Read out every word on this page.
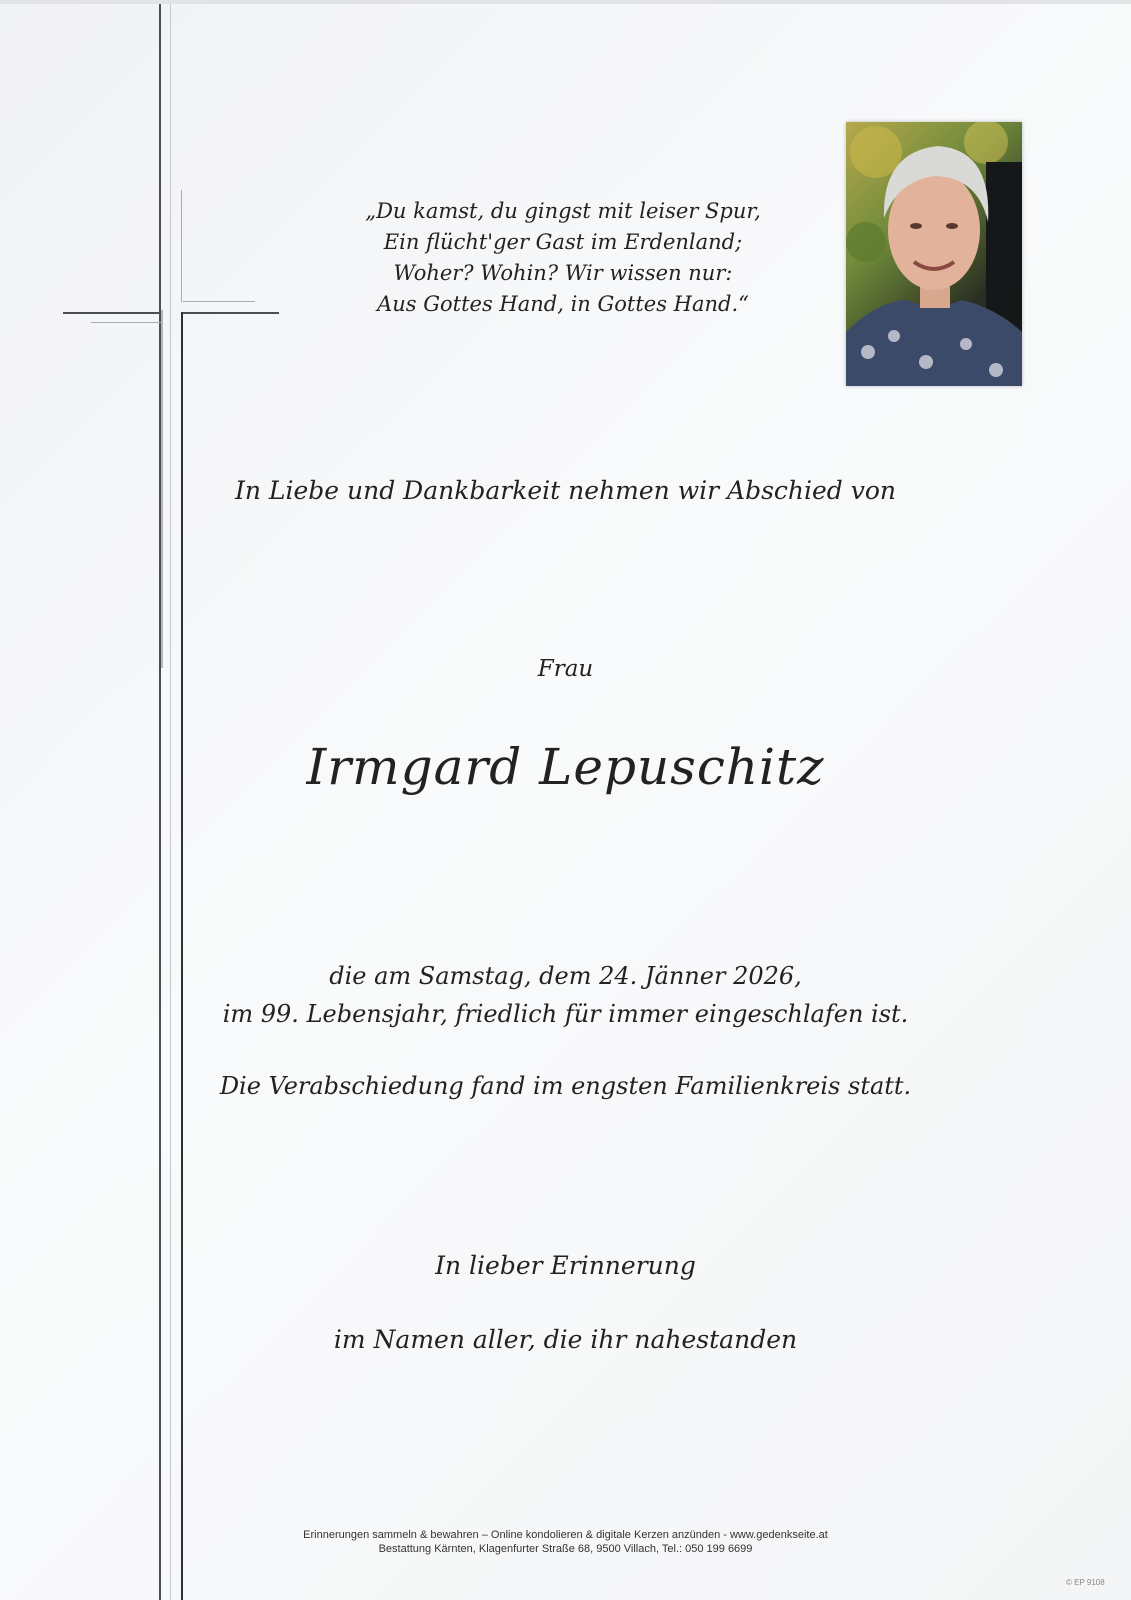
„Du kamst, du gingst mit leiser Spur,
Ein flücht'ger Gast im Erdenland;
Woher? Wohin? Wir wissen nur:
Aus Gottes Hand, in Gottes Hand.“
In Liebe und Dankbarkeit nehmen wir Abschied von
Frau
Irmgard Lepuschitz
die am Samstag, dem 24. Jänner 2026,
im 99. Lebensjahr, friedlich für immer eingeschlafen ist.
Die Verabschiedung fand im engsten Familienkreis statt.
In lieber Erinnerung
im Namen aller, die ihr nahestanden
Erinnerungen sammeln & bewahren – Online kondolieren & digitale Kerzen anzünden - www.gedenkseite.at
Bestattung Kärnten, Klagenfurter Straße 68, 9500 Villach, Tel.: 050 199 6699
© EP 9108
